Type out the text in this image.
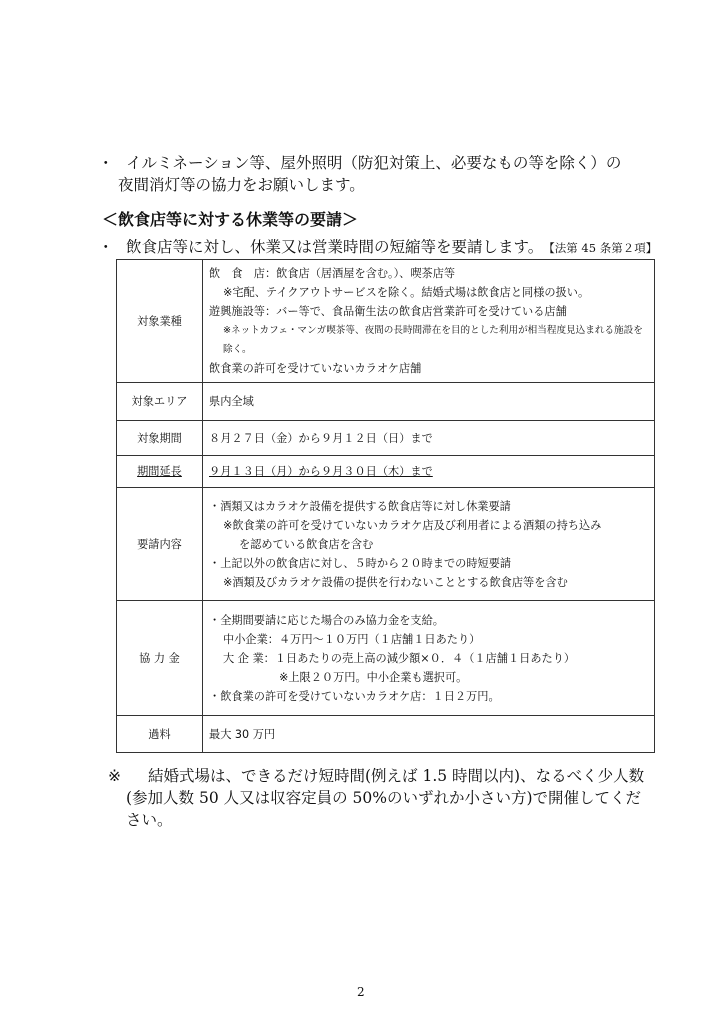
・ イルミネーション等、屋外照明（防犯対策上、必要なもの等を除く）の
夜間消灯等の協力をお願いします。
＜飲食店等に対する休業等の要請＞
・ 飲食店等に対し、休業又は営業時間の短縮等を要請します。【法第 45 条第２項】
対象業種	飲　食　店：飲食店（居酒屋を含む。）、喫茶店等
※宅配、テイクアウトサービスを除く。結婚式場は飲食店と同様の扱い。
遊興施設等：バー等で、食品衛生法の飲食店営業許可を受けている店舗
※ネットカフェ・マンガ喫茶等、夜間の長時間滞在を目的とした利用が相当程度見込まれる施設を除く。
飲食業の許可を受けていないカラオケ店舗

対象エリア	県内全域
対象期間	８月２７日（金）から９月１２日（日）まで
期間延長	９月１３日（月）から９月３０日（木）まで
要請内容	・酒類又はカラオケ設備を提供する飲食店等に対し休業要請
※飲食業の許可を受けていないカラオケ店及び利用者による酒類の持ち込み
を認めている飲食店を含む
・上記以外の飲食店に対し、５時から２０時までの時短要請
※酒類及びカラオケ設備の提供を行わないこととする飲食店等を含む

協 力 金	・全期間要請に応じた場合のみ協力金を支給。
中小企業：４万円～１０万円（１店舗１日あたり）
大 企 業：１日あたりの売上高の減少額×０．４（１店舗１日あたり）
※上限２０万円。中小企業も選択可。
・飲食業の許可を受けていないカラオケ店：１日２万円。

過料	最大 30 万円
※ 結婚式場は、できるだけ短時間(例えば 1.5 時間以内)、なるべく少人数
(参加人数 50 人又は収容定員の 50%のいずれか小さい方)で開催してくだ
さい。
2
